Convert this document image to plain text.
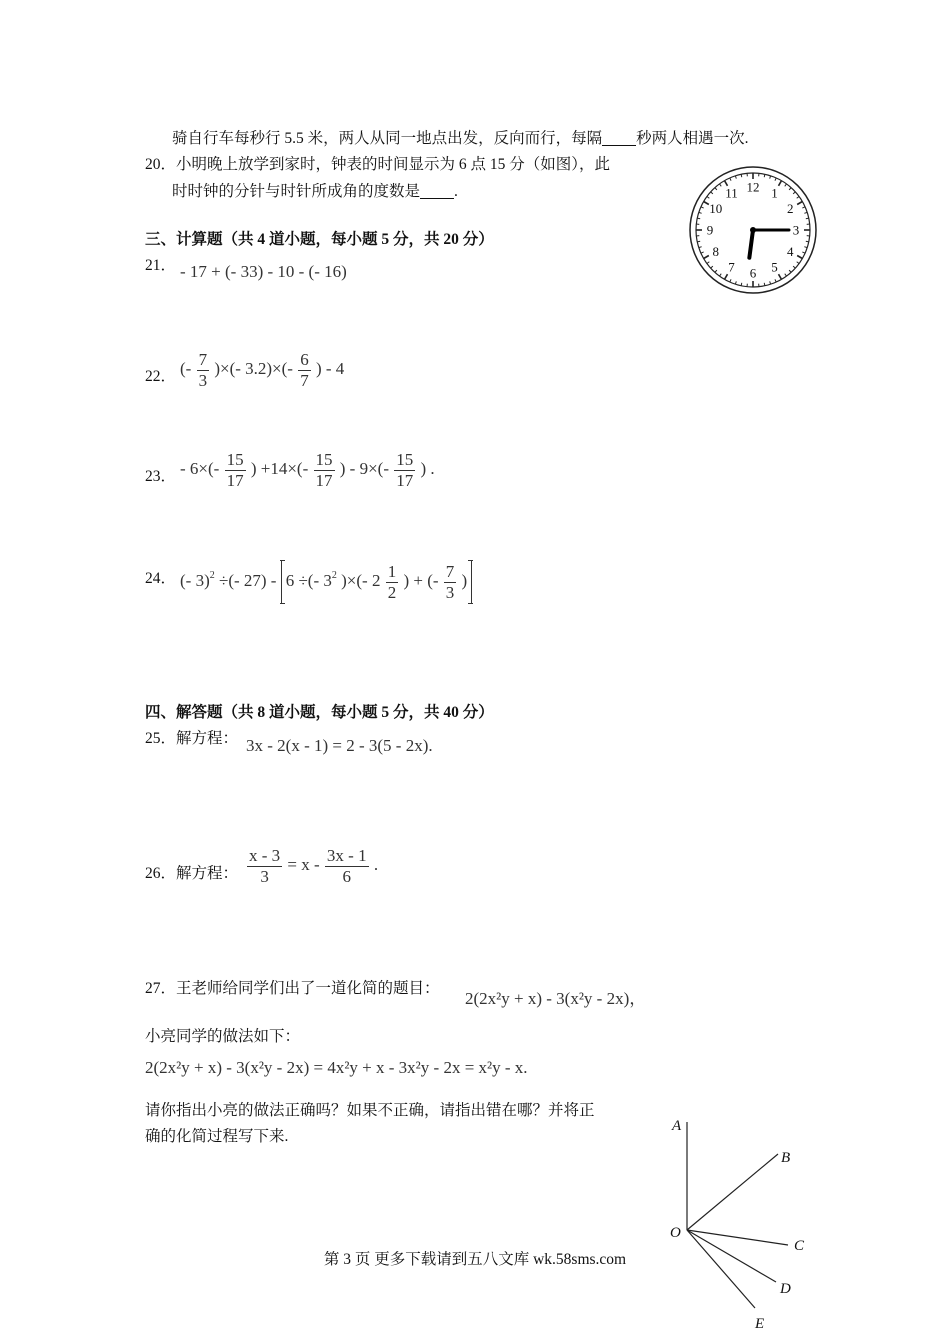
骑自行车每秒行 5.5 米，两人从同一地点出发，反向而行，每隔 秒两人相遇一次.
20．小明晚上放学到家时，钟表的时间显示为 6 点 15 分（如图），此
时时钟的分针与时针所成角的度数是 .	12 1
2
3
4
5
6
7
8
9
10
11
三、计算题（共 4 道小题，每小题 5 分，共 20 分）
21． - 17 + (- 33) - 10 - (- 16)
22． (- $\frac{7}{3}$ )×(- $3.2)\times(- \frac{6}{7}$ ) - 4
23． - $6\times(- \frac{15}{17}$ ) $+14\times(- \frac{15}{17}$ ) - $9\times(- \frac{15}{17}$ ) .
24． (- 3)$^2$ ÷(- 27) - 6 ÷(- $3^2$ )×(- $2 \frac{1}{2}$ ) + (- $\frac{7}{3}$ )
四、解答题（共 8 道小题，每小题 5 分，共 40 分）
25．解方程： 3x - 2(x - 1) = 2 - 3(5 - 2x).
26．解方程： $\frac{x - 3}{3} = x - \frac{3x - 1}{6}$ .
27．王老师给同学们出了一道化简的题目：
2(2x²y + x) - 3(x²y - 2x)，
小亮同学的做法如下：
2(2x²y + x) - 3(x²y - 2x) = 4x²y + x - 3x²y - 2x = x²y - x.
请你指出小亮的做法正确吗？如果不正确，请指出错在哪？并将正
确的化简过程写下来.
A
B
O
C
D
E
第 3 页 更多下载请到五八文库 wk.58sms.com
